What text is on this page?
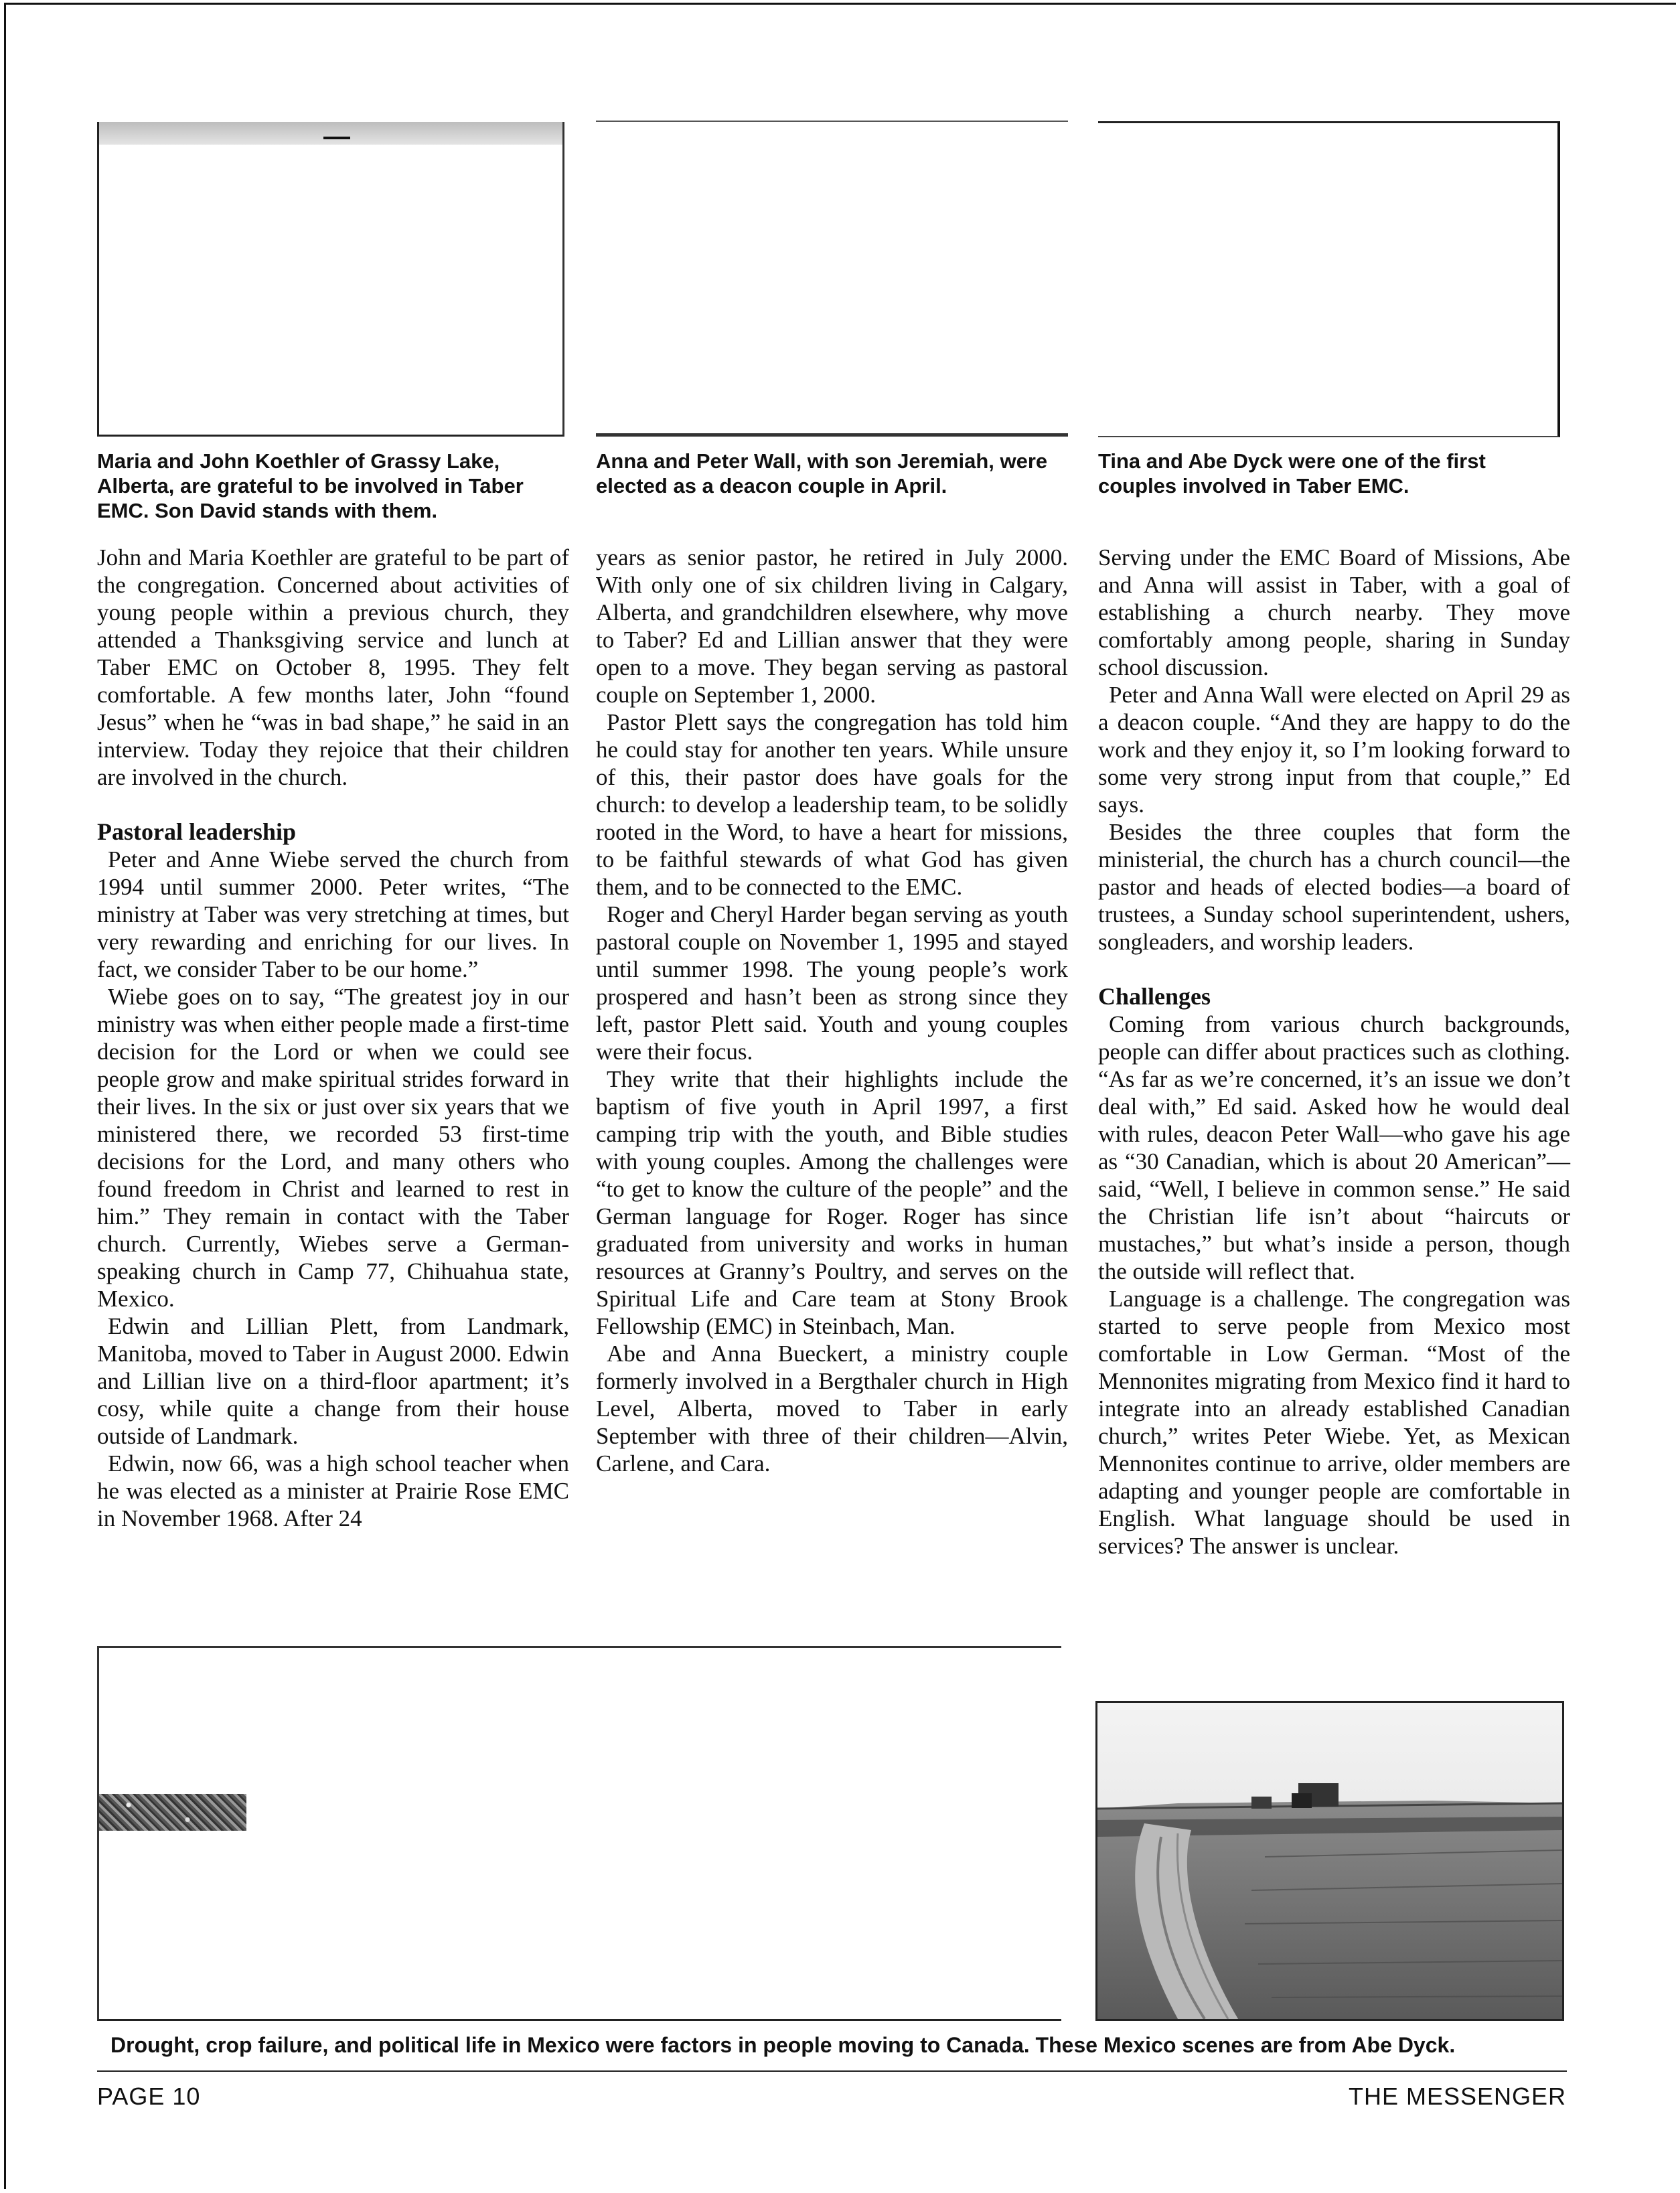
Maria and John Koethler of Grassy Lake, Alberta, are grateful to be involved in Taber EMC. Son David stands with them.

Anna and Peter Wall, with son Jeremiah, were elected as a deacon couple in April.

Tina and Abe Dyck were one of the first couples involved in Taber EMC.

John and Maria Koethler are grateful to be part of the congregation. Concerned about activities of young people within a previous church, they attended a Thanksgiving service and lunch at Taber EMC on October 8, 1995. They felt comfortable. A few months later, John “found Jesus” when he “was in bad shape,” he said in an interview. Today they rejoice that their children are involved in the church.

Pastoral leadership

Peter and Anne Wiebe served the church from 1994 until summer 2000. Peter writes, “The ministry at Taber was very stretching at times, but very rewarding and enriching for our lives. In fact, we consider Taber to be our home.”

Wiebe goes on to say, “The greatest joy in our ministry was when either people made a first-time decision for the Lord or when we could see people grow and make spiritual strides forward in their lives. In the six or just over six years that we ministered there, we recorded 53 first-time decisions for the Lord, and many others who found freedom in Christ and learned to rest in him.” They remain in contact with the Taber church. Currently, Wiebes serve a German-speaking church in Camp 77, Chihuahua state, Mexico.

Edwin and Lillian Plett, from Landmark, Manitoba, moved to Taber in August 2000. Edwin and Lillian live on a third-floor apartment; it’s cosy, while quite a change from their house outside of Landmark.

Edwin, now 66, was a high school teacher when he was elected as a minister at Prairie Rose EMC in November 1968. After 24

years as senior pastor, he retired in July 2000. With only one of six children living in Calgary, Alberta, and grandchildren elsewhere, why move to Taber? Ed and Lillian answer that they were open to a move. They began serving as pastoral couple on September 1, 2000.

Pastor Plett says the congregation has told him he could stay for another ten years. While unsure of this, their pastor does have goals for the church: to develop a leadership team, to be solidly rooted in the Word, to have a heart for missions, to be faithful stewards of what God has given them, and to be connected to the EMC.

Roger and Cheryl Harder began serving as youth pastoral couple on November 1, 1995 and stayed until summer 1998. The young people’s work prospered and hasn’t been as strong since they left, pastor Plett said. Youth and young couples were their focus.

They write that their highlights include the baptism of five youth in April 1997, a first camping trip with the youth, and Bible studies with young couples. Among the challenges were “to get to know the culture of the people” and the German language for Roger. Roger has since graduated from university and works in human resources at Granny’s Poultry, and serves on the Spiritual Life and Care team at Stony Brook Fellowship (EMC) in Steinbach, Man.

Abe and Anna Bueckert, a ministry couple formerly involved in a Bergthaler church in High Level, Alberta, moved to Taber in early September with three of their children—Alvin, Carlene, and Cara.

Serving under the EMC Board of Missions, Abe and Anna will assist in Taber, with a goal of establishing a church nearby. They move comfortably among people, sharing in Sunday school discussion.

Peter and Anna Wall were elected on April 29 as a deacon couple. “And they are happy to do the work and they enjoy it, so I’m looking forward to some very strong input from that couple,” Ed says.

Besides the three couples that form the ministerial, the church has a church council—the pastor and heads of elected bodies—a board of trustees, a Sunday school superintendent, ushers, songleaders, and worship leaders.

Challenges

Coming from various church backgrounds, people can differ about practices such as clothing. “As far as we’re concerned, it’s an issue we don’t deal with,” Ed said. Asked how he would deal with rules, deacon Peter Wall—who gave his age as “30 Canadian, which is about 20 American”—said, “Well, I believe in common sense.” He said the Christian life isn’t about “haircuts or mustaches,” but what’s inside a person, though the outside will reflect that.

Language is a challenge. The congregation was started to serve people from Mexico most comfortable in Low German. “Most of the Mennonites migrating from Mexico find it hard to integrate into an already established Canadian church,” writes Peter Wiebe. Yet, as Mexican Mennonites continue to arrive, older members are adapting and younger people are comfortable in English. What language should be used in services? The answer is unclear.

Drought, crop failure, and political life in Mexico were factors in people moving to Canada. These Mexico scenes are from Abe Dyck.

PAGE 10	THE MESSENGER
